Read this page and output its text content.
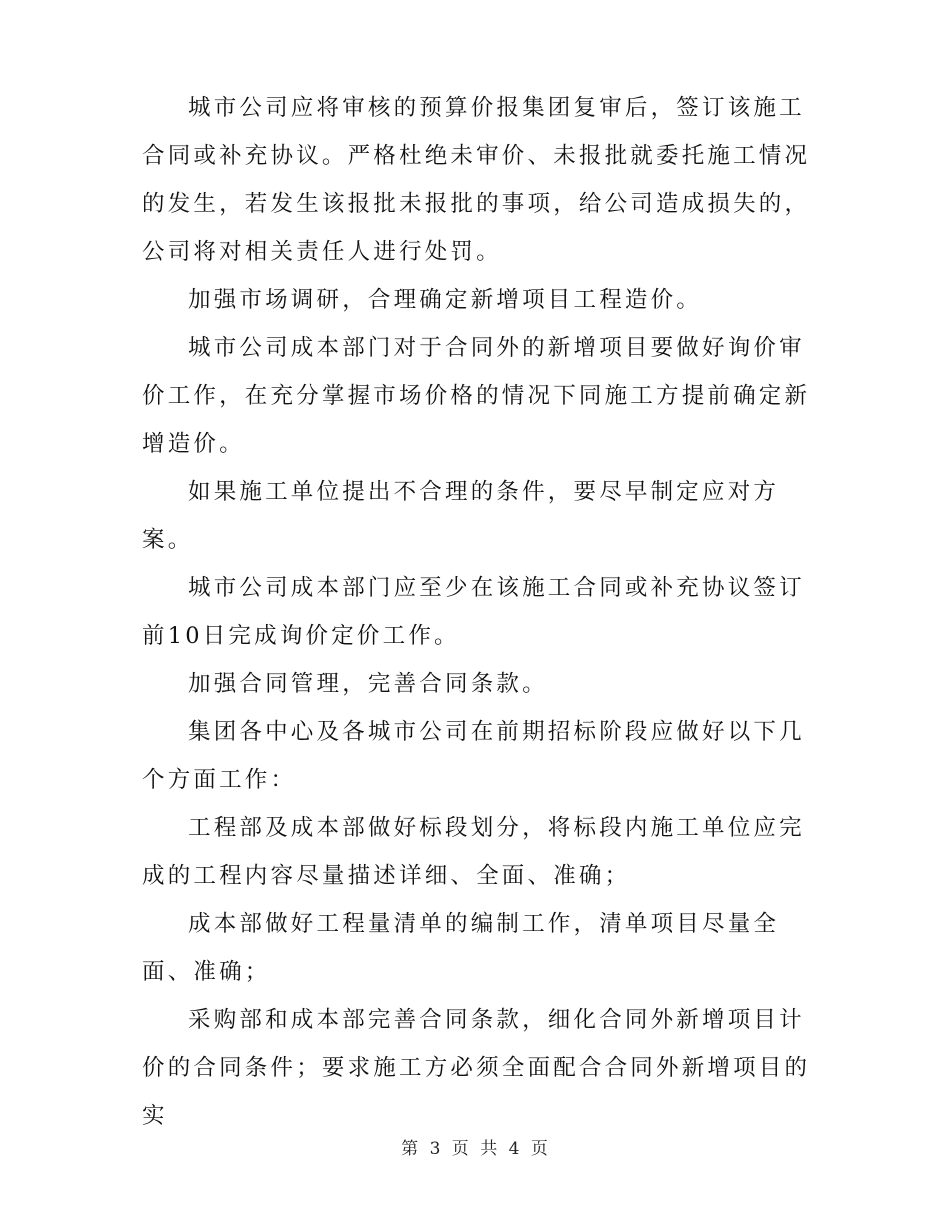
城市公司应将审核的预算价报集团复审后，签订该施工合同或补充协议。严格杜绝未审价、未报批就委托施工情况的发生，若发生该报批未报批的事项，给公司造成损失的，公司将对相关责任人进行处罚。

加强市场调研，合理确定新增项目工程造价。

城市公司成本部门对于合同外的新增项目要做好询价审价工作，在充分掌握市场价格的情况下同施工方提前确定新增造价。

如果施工单位提出不合理的条件，要尽早制定应对方案。

城市公司成本部门应至少在该施工合同或补充协议签订前10日完成询价定价工作。

加强合同管理，完善合同条款。

集团各中心及各城市公司在前期招标阶段应做好以下几个方面工作：

工程部及成本部做好标段划分，将标段内施工单位应完成的工程内容尽量描述详细、全面、准确；

成本部做好工程量清单的编制工作，清单项目尽量全面、准确；

采购部和成本部完善合同条款，细化合同外新增项目计价的合同条件；要求施工方必须全面配合合同外新增项目的实

第 3 页 共 4 页
